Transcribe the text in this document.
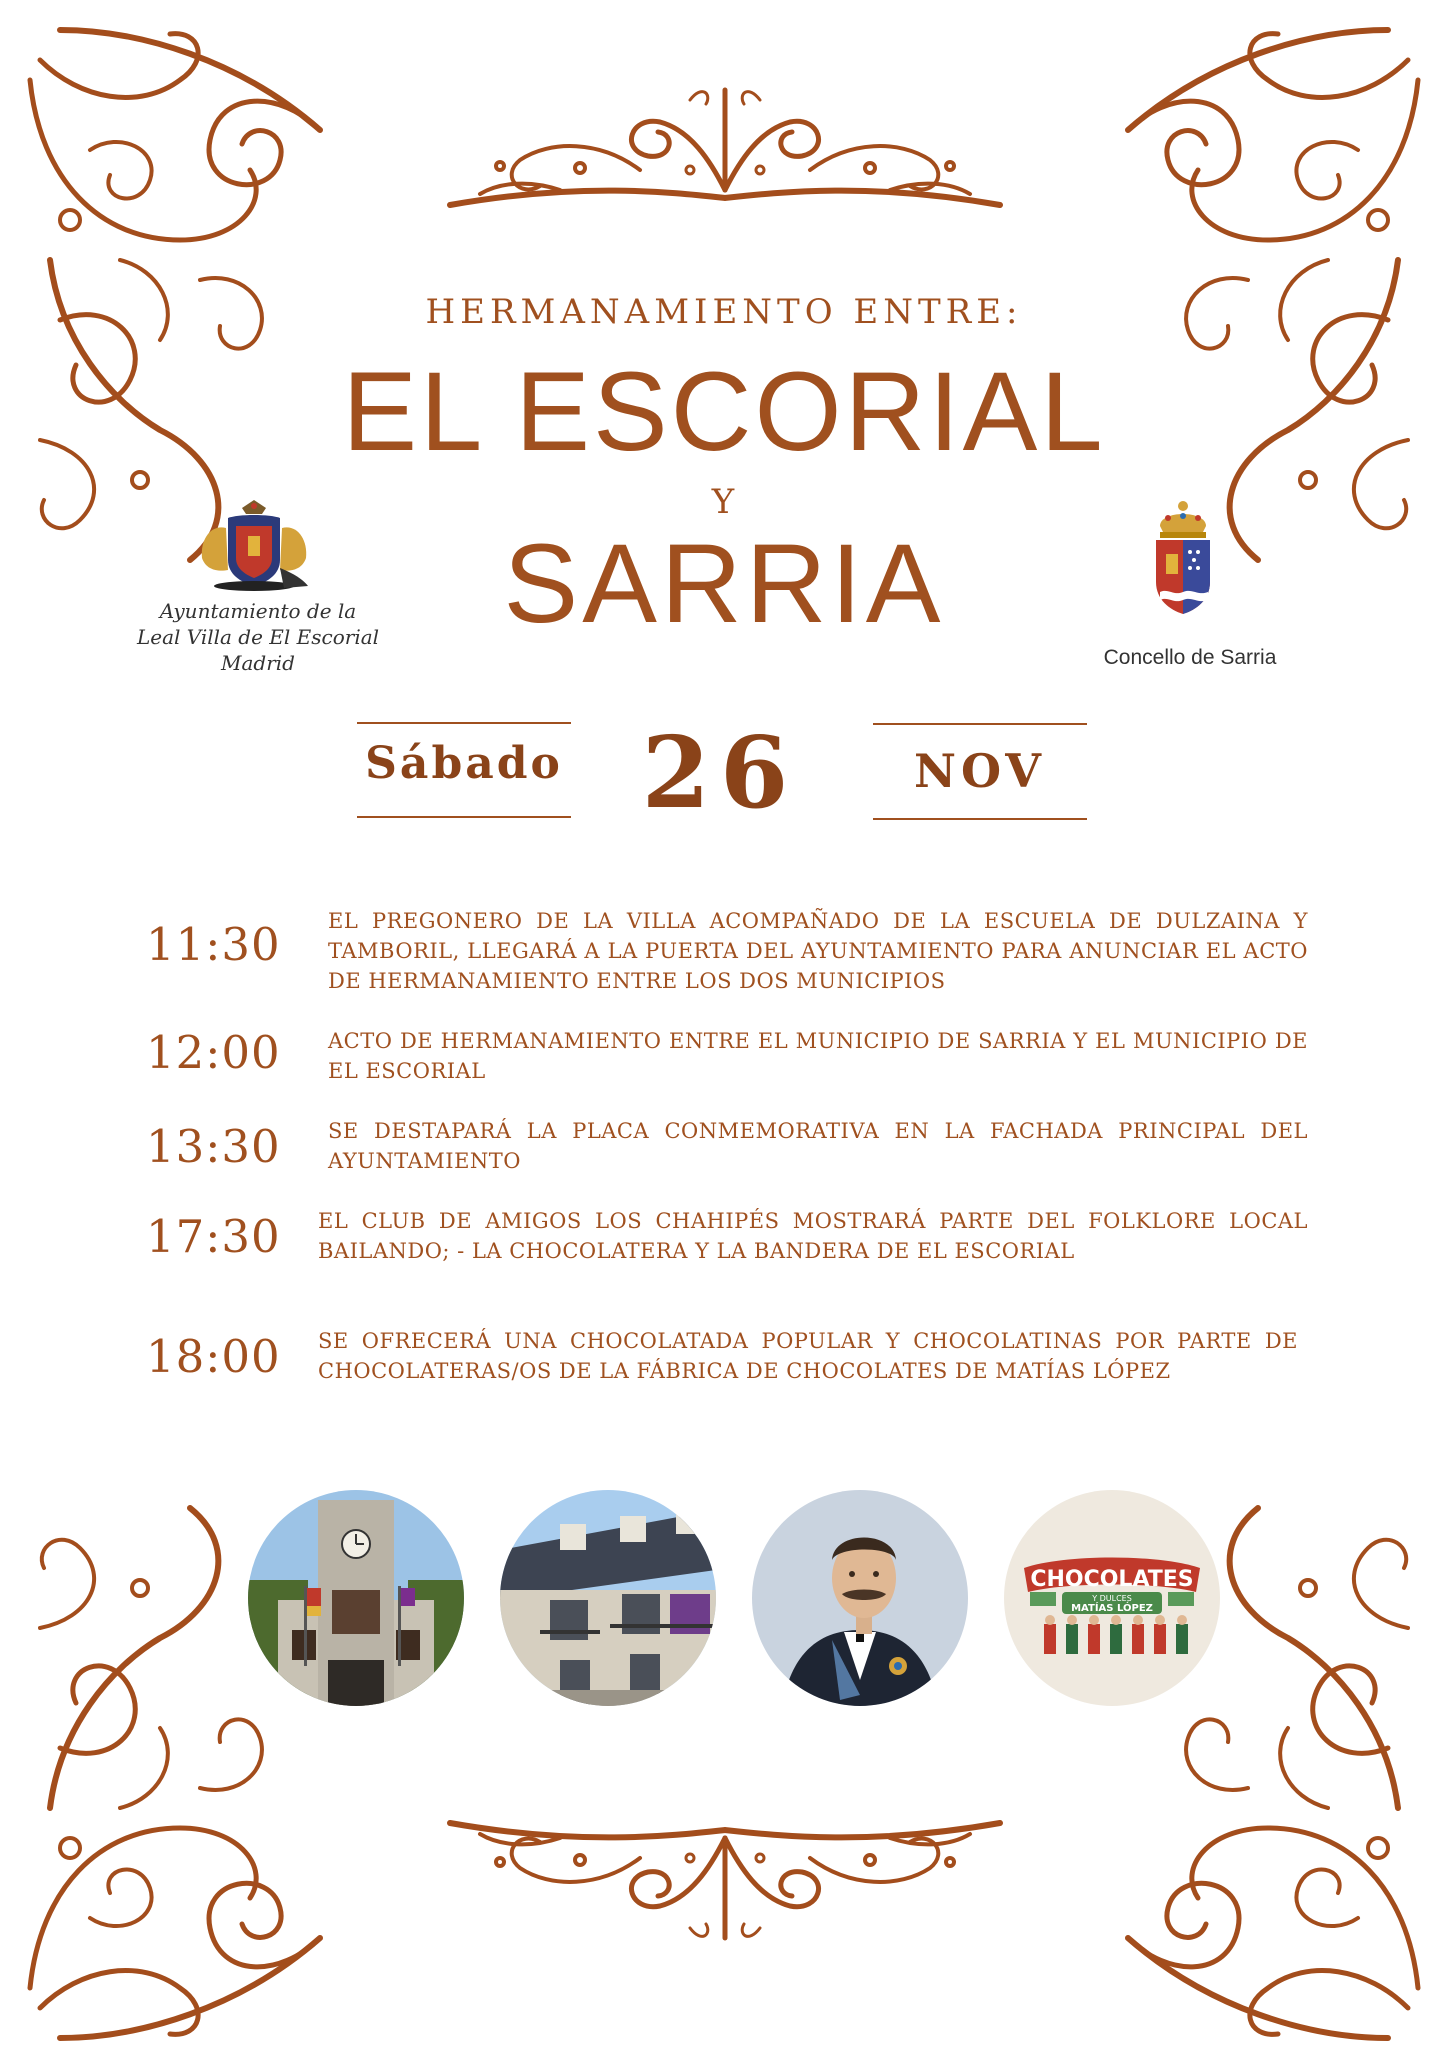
HERMANAMIENTO ENTRE:
EL ESCORIAL
Y
SARRIA
Ayuntamiento de la
Leal Villa de El Escorial
Madrid	Concello de Sarria
Sábado 26	NOV
11:30 EL PREGONERO DE LA VILLA ACOMPAÑADO DE LA ESCUELA DE DULZAINA Y TAMBORIL, LLEGARÁ A LA PUERTA DEL AYUNTAMIENTO PARA ANUNCIAR EL ACTO DE HERMANAMIENTO ENTRE LOS DOS MUNICIPIOS
12:00 ACTO DE HERMANAMIENTO ENTRE EL MUNICIPIO DE SARRIA Y EL MUNICIPIO DE EL ESCORIAL
13:30 SE DESTAPARÁ LA PLACA CONMEMORATIVA EN LA FACHADA PRINCIPAL DEL AYUNTAMIENTO
17:30 EL CLUB DE AMIGOS LOS CHAHIPÉS MOSTRARÁ PARTE DEL FOLKLORE LOCAL BAILANDO; - LA CHOCOLATERA Y LA BANDERA DE EL ESCORIAL
18:00 SE OFRECERÁ UNA CHOCOLATADA POPULAR Y CHOCOLATINAS POR PARTE DE CHOCOLATERAS/OS DE LA FÁBRICA DE CHOCOLATES DE MATÍAS LÓPEZ
CHOCOLATES
Y DULCES
MATÍAS LÓPEZ
